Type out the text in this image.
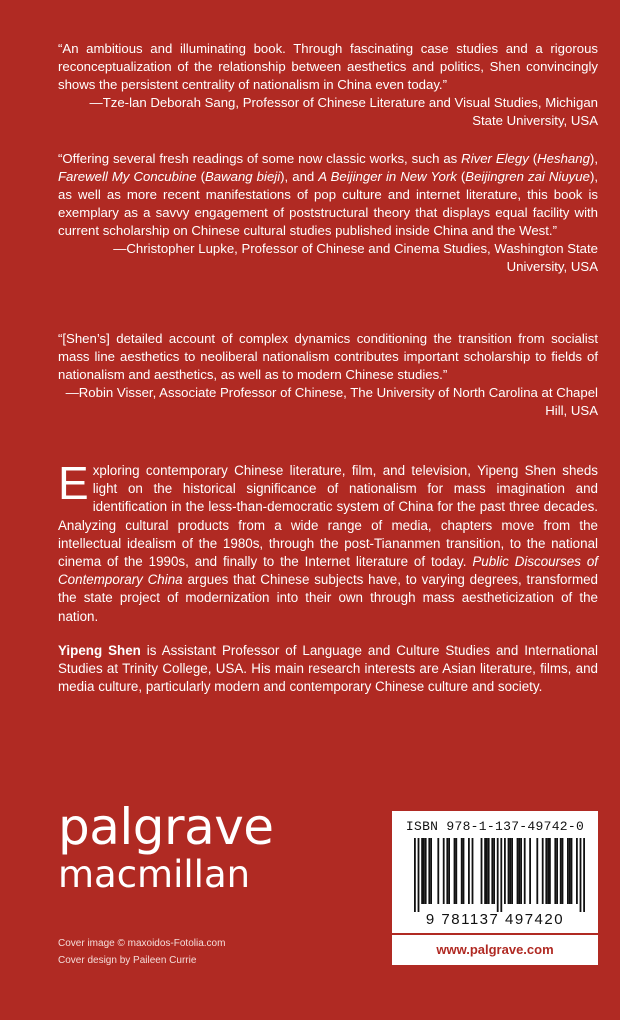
“An ambitious and illuminating book. Through fascinating case studies and a rigorous reconceptualization of the relationship between aesthetics and politics, Shen convincingly shows the persistent centrality of nationalism in China even today.”

—Tze-lan Deborah Sang, Professor of Chinese Literature and Visual Studies, Michigan State University, USA

“Offering several fresh readings of some now classic works, such as River Elegy (Heshang), Farewell My Concubine (Bawang bieji), and A Beijinger in New York (Beijingren zai Niuyue), as well as more recent manifestations of pop culture and internet literature, this book is exemplary as a savvy engagement of poststructural theory that displays equal facility with current scholarship on Chinese cultural studies published inside China and the West.”

—Christopher Lupke, Professor of Chinese and Cinema Studies, Washington State University, USA

“[Shen’s] detailed account of complex dynamics conditioning the transition from socialist mass line aesthetics to neoliberal nationalism contributes important scholarship to fields of nationalism and aesthetics, as well as to modern Chinese studies.”

—Robin Visser, Associate Professor of Chinese, The University of North Carolina at Chapel Hill, USA

Exploring contemporary Chinese literature, film, and television, Yipeng Shen sheds light on the historical significance of nationalism for mass imagination and identification in the less-than-democratic system of China for the past three decades. Analyzing cultural products from a wide range of media, chapters move from the intellectual idealism of the 1980s, through the post-Tiananmen transition, to the national cinema of the 1990s, and finally to the Internet literature of today. Public Discourses of Contemporary China argues that Chinese subjects have, to varying degrees, transformed the state project of modernization into their own through mass aestheticization of the nation.

Yipeng Shen is Assistant Professor of Language and Culture Studies and International Studies at Trinity College, USA. His main research interests are Asian literature, films, and media culture, particularly modern and contemporary Chinese culture and society.

palgrave
macmillan
Cover image © maxoidos-Fotolia.com
Cover design by Paileen Currie
ISBN 978-1-137-49742-0
9 781137 497420
www.palgrave.com
